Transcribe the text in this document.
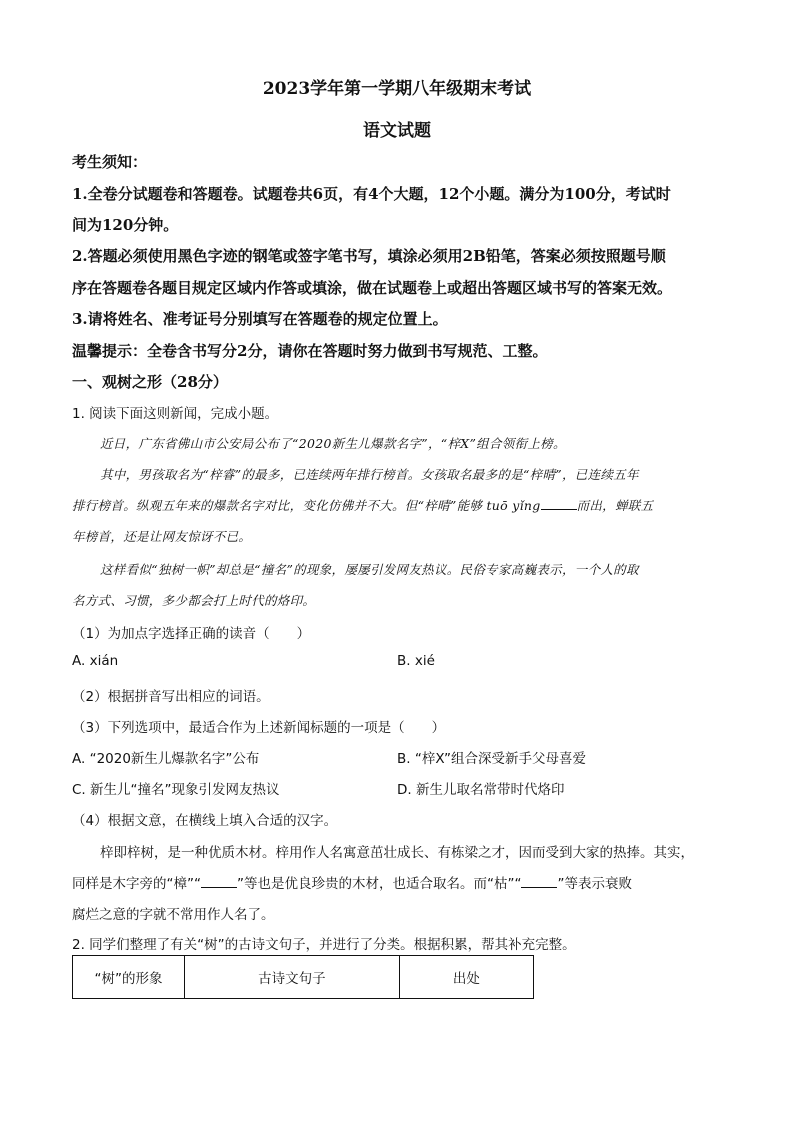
2023学年第一学期八年级期末考试
语文试题
考生须知：
1.全卷分试题卷和答题卷。试题卷共6页，有4个大题，12个小题。满分为100分，考试时
间为120分钟。
2.答题必须使用黑色字迹的钢笔或签字笔书写，填涂必须用2B铅笔，答案必须按照题号顺
序在答题卷各题目规定区域内作答或填涂，做在试题卷上或超出答题区域书写的答案无效。
3.请将姓名、准考证号分别填写在答题卷的规定位置上。
温馨提示：全卷含书写分2分，请你在答题时努力做到书写规范、工整。
一、观树之形（28分）
1. 阅读下面这则新闻，完成小题。
近日，广东省佛山市公安局公布了“2020新生儿爆款名字”，“梓X”组合领衔上榜。
其中，男孩取名为“梓睿”的最多，已连续两年排行榜首。女孩取名最多的是“梓晴”，已连续五年
排行榜首。纵观五年来的爆款名字对比，变化仿佛并不大。但“梓晴”能够 tuō yǐng	而出，蝉联五
年榜首，还是让网友惊讶不已。
这样看似“独树一帜”却总是“撞名”的现象，屡屡引发网友热议。民俗专家高巍表示，一个人的取
名方式、习惯，多少都会打上时代的烙印。
（1）为加点字选择正确的读音（　　）
A. xián	B. xié
（2）根据拼音写出相应的词语。
（3）下列选项中，最适合作为上述新闻标题的一项是（　　）
A. “2020新生儿爆款名字”公布	B. “梓X”组合深受新手父母喜爱
C. 新生儿“撞名”现象引发网友热议	D. 新生儿取名常带时代烙印
（4）根据文意，在横线上填入合适的汉字。
梓即梓树，是一种优质木材。梓用作人名寓意茁壮成长、有栋梁之才，因而受到大家的热捧。其实，
同样是木字旁的“樟”“	”等也是优良珍贵的木材，也适合取名。而“枯”“	”等表示衰败
腐烂之意的字就不常用作人名了。
2. 同学们整理了有关“树”的古诗文句子，并进行了分类。根据积累，帮其补充完整。
“树”的形象	古诗文句子	出处
